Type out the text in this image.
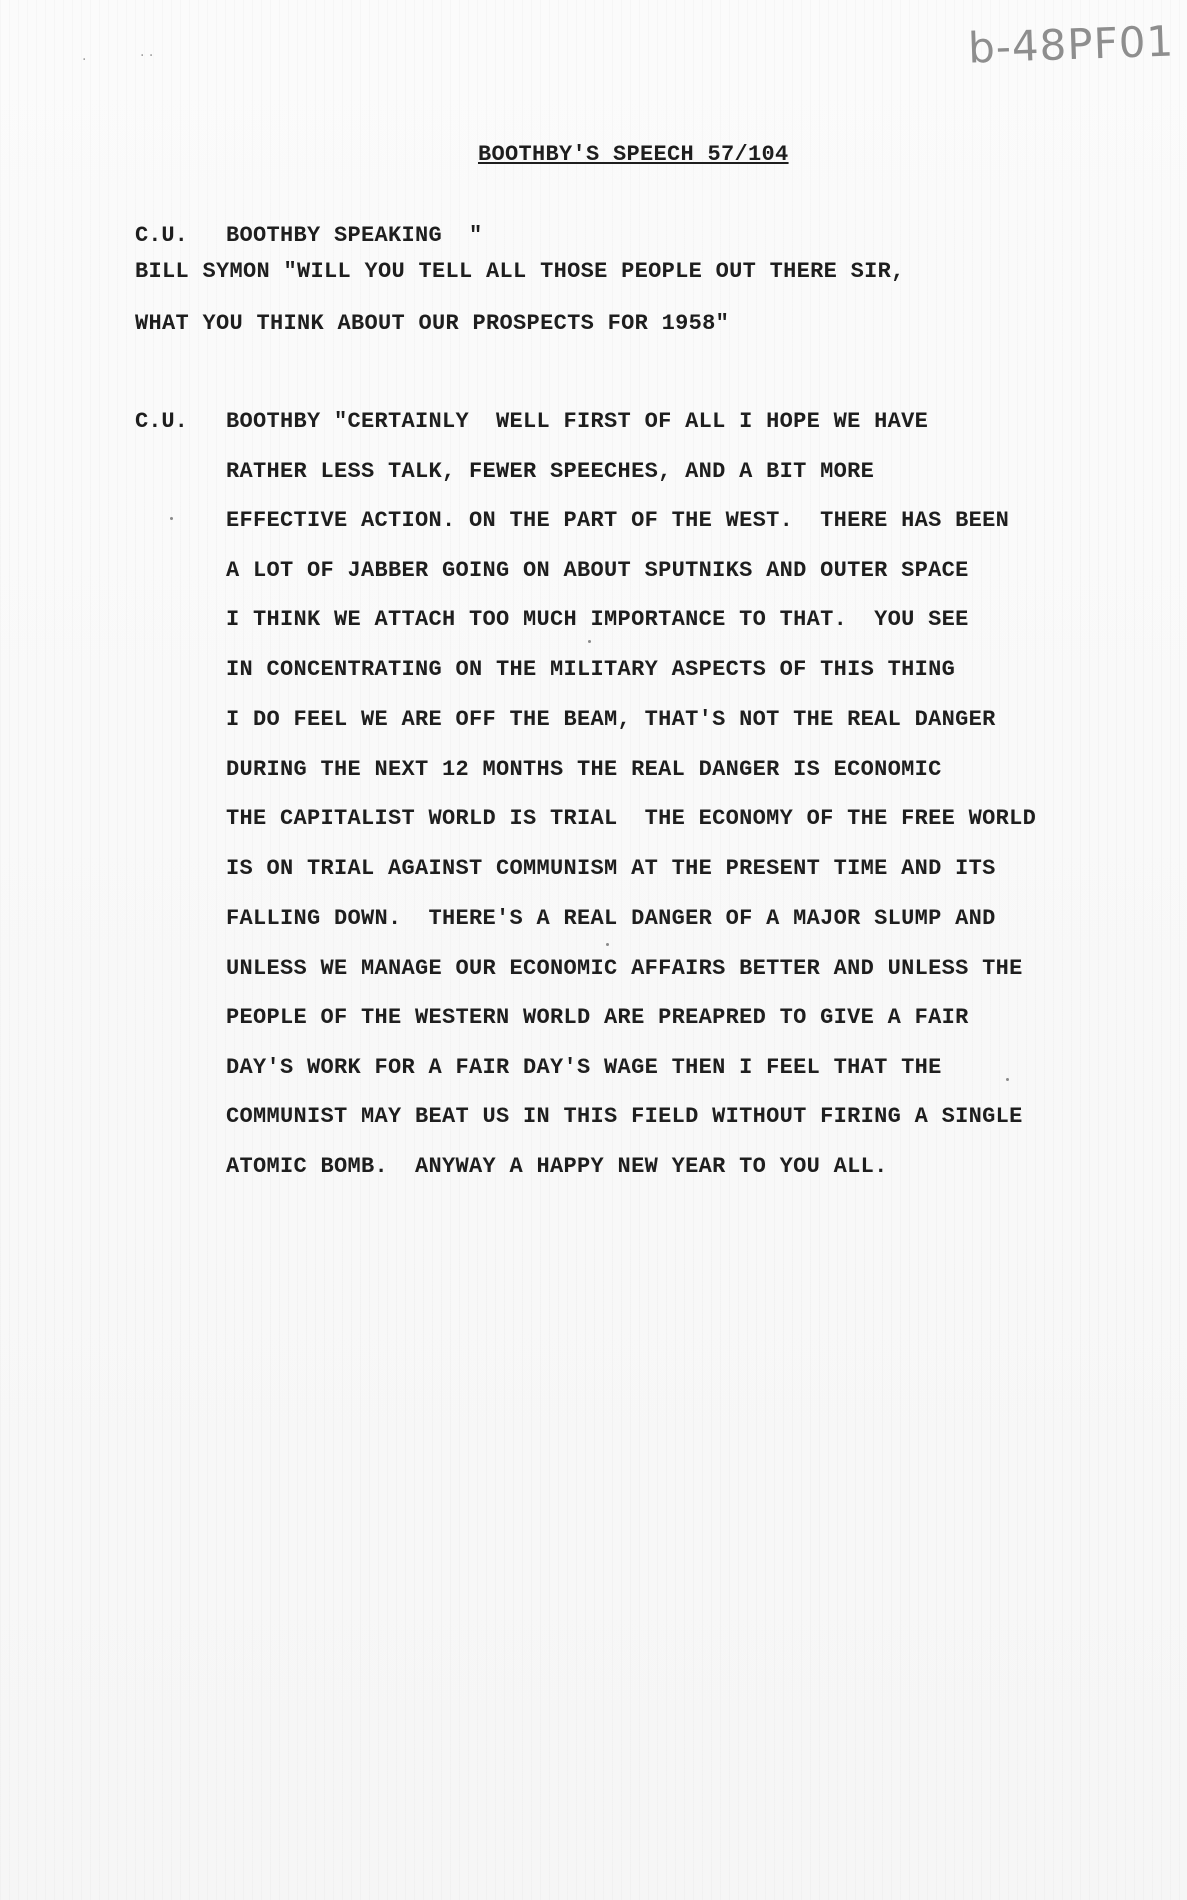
b-48PF01
⋅	· ·
BOOTHBY'S SPEECH 57/104
C.U. BOOTHBY SPEAKING  "
BILL SYMON "WILL YOU TELL ALL THOSE PEOPLE OUT THERE SIR,
WHAT YOU THINK ABOUT OUR PROSPECTS FOR 1958"
C.U. BOOTHBY "CERTAINLY  WELL FIRST OF ALL I HOPE WE HAVE
RATHER LESS TALK, FEWER SPEECHES, AND A BIT MORE
EFFECTIVE ACTION. ON THE PART OF THE WEST.  THERE HAS BEEN
A LOT OF JABBER GOING ON ABOUT SPUTNIKS AND OUTER SPACE
I THINK WE ATTACH TOO MUCH IMPORTANCE TO THAT.  YOU SEE
IN CONCENTRATING ON THE MILITARY ASPECTS OF THIS THING
I DO FEEL WE ARE OFF THE BEAM, THAT'S NOT THE REAL DANGER
DURING THE NEXT 12 MONTHS THE REAL DANGER IS ECONOMIC
THE CAPITALIST WORLD IS TRIAL  THE ECONOMY OF THE FREE WORLD
IS ON TRIAL AGAINST COMMUNISM AT THE PRESENT TIME AND ITS
FALLING DOWN.  THERE'S A REAL DANGER OF A MAJOR SLUMP AND
UNLESS WE MANAGE OUR ECONOMIC AFFAIRS BETTER AND UNLESS THE
PEOPLE OF THE WESTERN WORLD ARE PREAPRED TO GIVE A FAIR
DAY'S WORK FOR A FAIR DAY'S WAGE THEN I FEEL THAT THE
COMMUNIST MAY BEAT US IN THIS FIELD WITHOUT FIRING A SINGLE
ATOMIC BOMB.  ANYWAY A HAPPY NEW YEAR TO YOU ALL.
